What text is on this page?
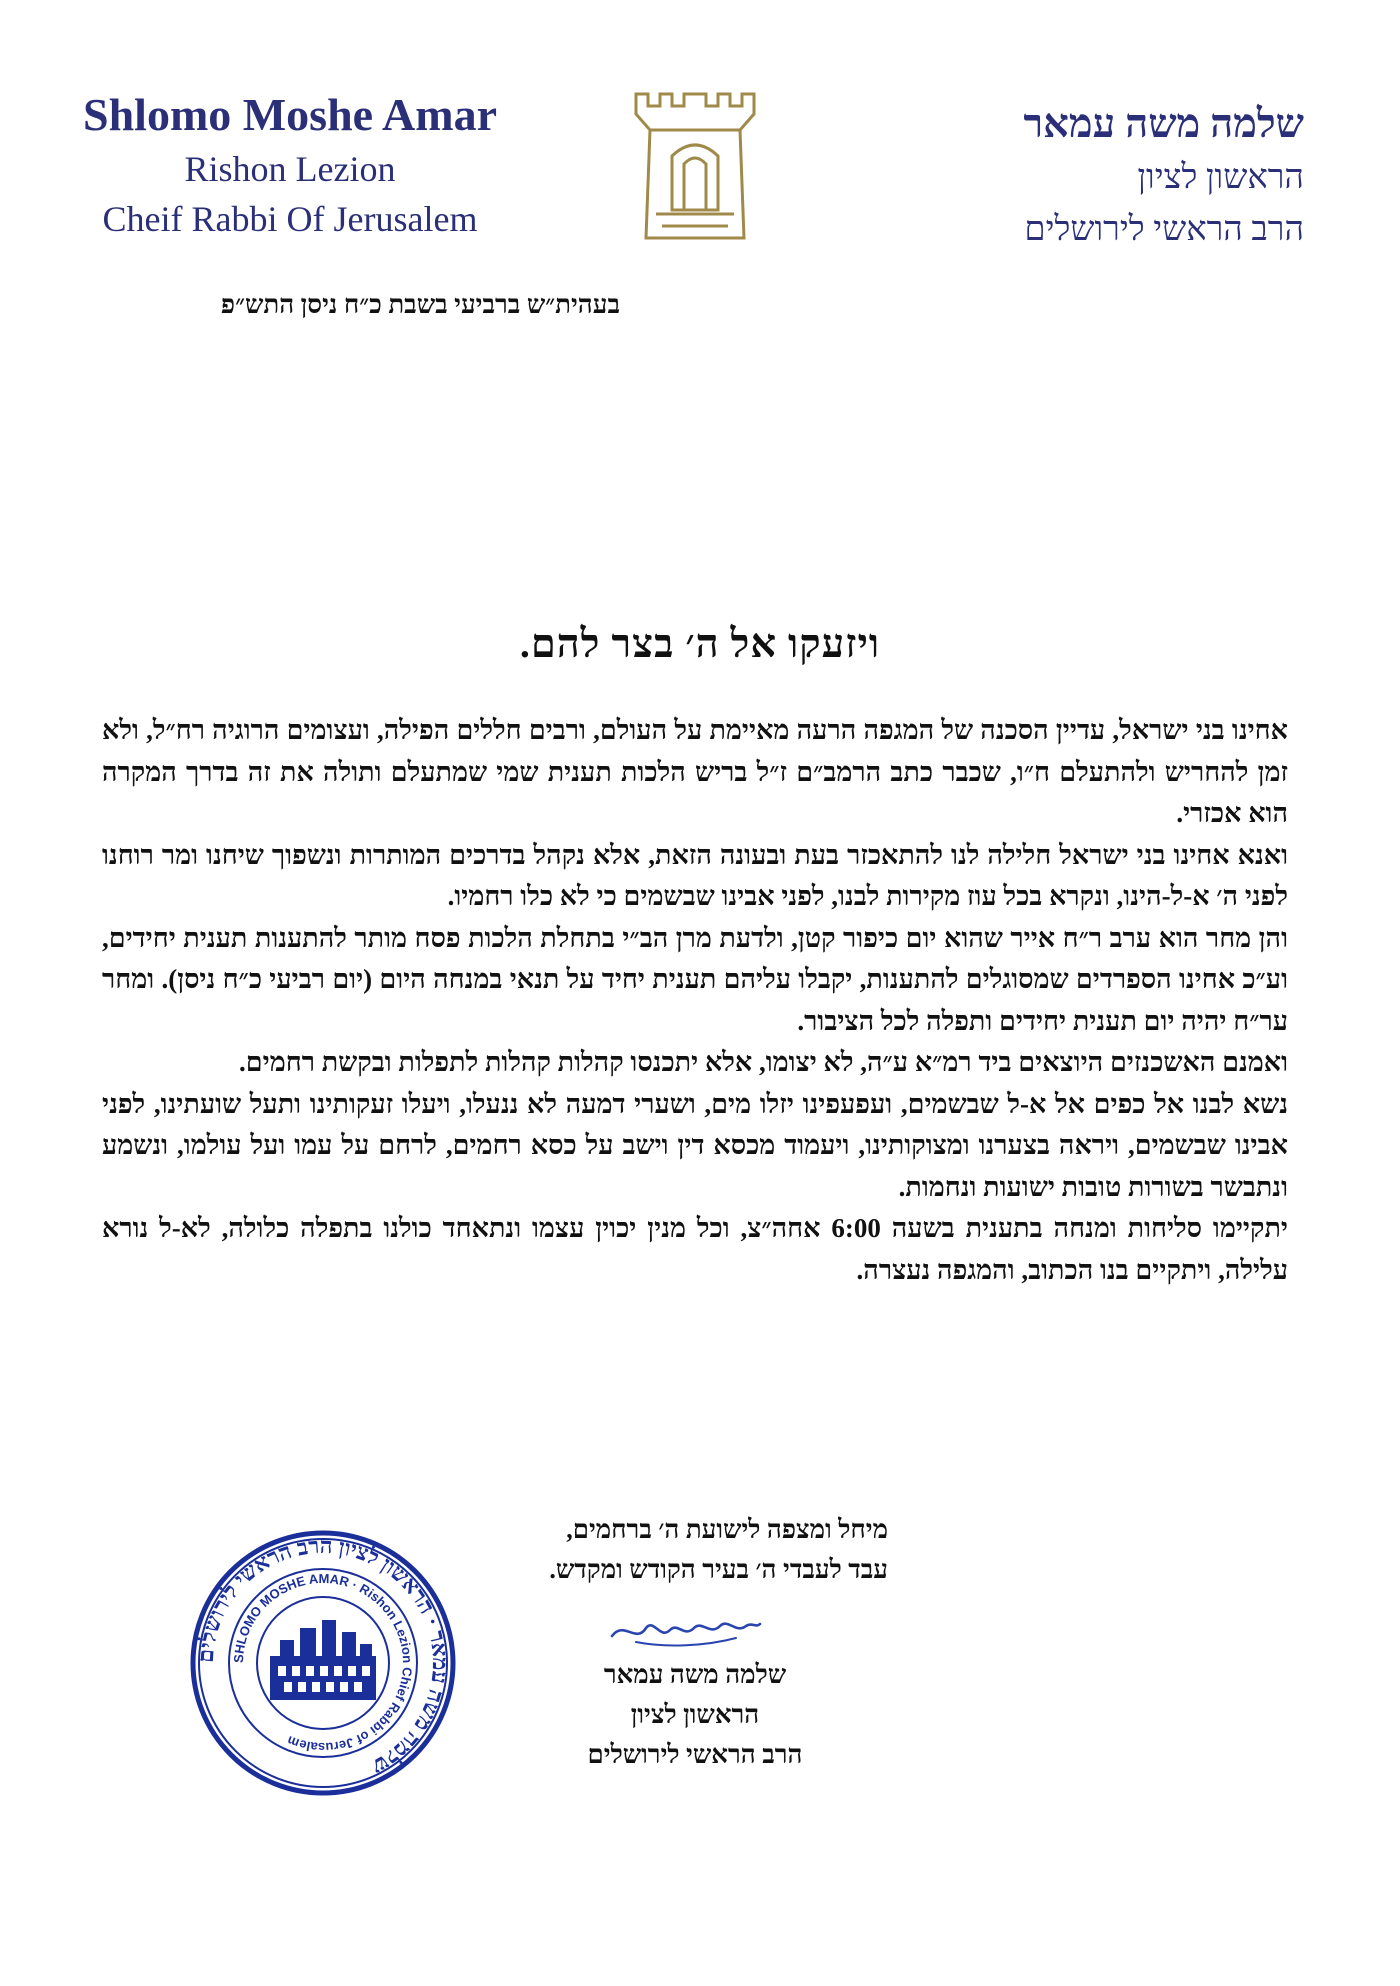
Shlomo Moshe Amar
Rishon Lezion
Cheif Rabbi Of Jerusalem
שלמה משה עמאר
הראשון לציון
הרב הראשי לירושלים
בעהית״ש ברביעי בשבת כ״ח ניסן התש״פ
ויזעקו אל ה׳ בצר להם.

אחינו בני ישראל, עדיין הסכנה של המגפה הרעה מאיימת על העולם, ורבים חללים הפילה, ועצומים הרוגיה רח״ל, ולא זמן להחריש ולהתעלם ח״ו, שכבר כתב הרמב״ם ז״ל בריש הלכות תענית שמי שמתעלם ותולה את זה בדרך המקרה הוא אכזרי.

ואנא אחינו בני ישראל חלילה לנו להתאכזר בעת ובעונה הזאת, אלא נקהל בדרכים המותרות ונשפוך שיחנו ומר רוחנו לפני ה׳ א-ל-הינו, ונקרא בכל עוז מקירות לבנו, לפני אבינו שבשמים כי לא כלו רחמיו.

והן מחר הוא ערב ר״ח אייר שהוא יום כיפור קטן, ולדעת מרן הב״י בתחלת הלכות פסח מותר להתענות תענית יחידים, וע״כ אחינו הספרדים שמסוגלים להתענות, יקבלו עליהם תענית יחיד על תנאי במנחה היום (יום רביעי כ״ח ניסן). ומחר ער״ח יהיה יום תענית יחידים ותפלה לכל הציבור.

ואמנם האשכנזים היוצאים ביד רמ״א ע״ה, לא יצומו, אלא יתכנסו קהלות קהלות לתפלות ובקשת רחמים.

נשא לבנו אל כפים אל א-ל שבשמים, ועפעפינו יזלו מים, ושערי דמעה לא ננעלו, ויעלו זעקותינו ותעל שועתינו, לפני אבינו שבשמים, ויראה בצערנו ומצוקותינו, ויעמוד מכסא דין וישב על כסא רחמים, לרחם על עמו ועל עולמו, ונשמע ונתבשר בשורות טובות ישועות ונחמות.

יתקיימו סליחות ומנחה בתענית בשעה 6:00 אחה״צ, וכל מנין יכוין עצמו ונתאחד כולנו בתפלה כלולה, לא-ל נורא עלילה, ויתקיים בנו הכתוב, והמגפה נעצרה.

מיחל ומצפה לישועת ה׳ ברחמים,
עבד לעבדי ה׳ בעיר הקודש ומקדש.
שלמה משה עמאר
הראשון לציון
הרב הראשי לירושלים
שלמה משה עמאר · הראשון לציון הרב הראשי לירושלים
SHLOMO MOSHE AMAR · Rishon Lezion Chief Rabbi of Jerusalem
